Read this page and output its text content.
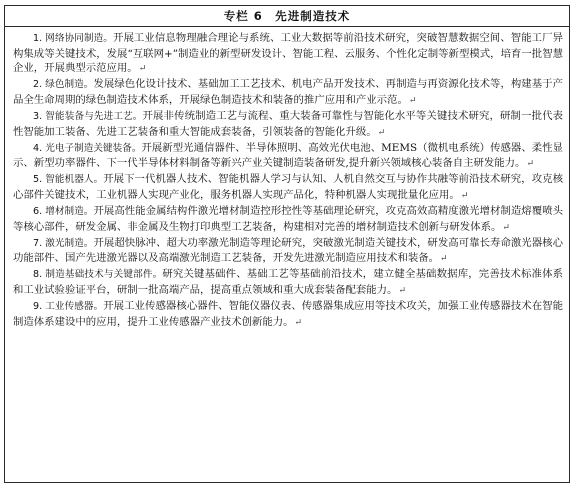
专栏 6　先进制造技术

1. 网络协同制造。开展工业信息物理融合理论与系统、工业大数据等前沿技术研究，突破智慧数据空间、智能工厂异构集成等关键技术，发展“互联网+”制造业的新型研发设计、智能工程、云服务、个性化定制等新型模式，培育一批智慧企业，开展典型示范应用。↵

2. 绿色制造。发展绿色化设计技术、基础加工工艺技术、机电产品开发技术、再制造与再资源化技术等，构建基于产品全生命周期的绿色制造技术体系，开展绿色制造技术和装备的推广应用和产业示范。↵

3. 智能装备与先进工艺。开展非传统制造工艺与流程、重大装备可靠性与智能化水平等关键技术研究，研制一批代表性智能加工装备、先进工艺装备和重大智能成套装备，引领装备的智能化升级。↵

4. 光电子制造关键装备。开展新型光通信器件、半导体照明、高效光伏电池、MEMS（微机电系统）传感器、柔性显示、新型功率器件、下一代半导体材料制备等新兴产业关键制造装备研发,提升新兴领域核心装备自主研发能力。↵

5. 智能机器人。开展下一代机器人技术、智能机器人学习与认知、人机自然交互与协作共融等前沿技术研究，攻克核心部件关键技术，工业机器人实现产业化，服务机器人实现产品化，特种机器人实现批量化应用。↵

6. 增材制造。开展高性能金属结构件激光增材制造控形控性等基础理论研究，攻克高效高精度激光增材制造熔覆喷头等核心部件，研发金属、非金属及生物打印典型工艺装备，构建相对完善的增材制造技术创新与研发体系。↵

7. 激光制造。开展超快脉冲、超大功率激光制造等理论研究，突破激光制造关键技术，研发高可靠长寿命激光器核心功能部件、国产先进激光器以及高端激光制造工艺装备，开发先进激光制造应用技术和装备。↵

8. 制造基础技术与关键部件。研究关键基础件、基础工艺等基础前沿技术，建立健全基础数据库，完善技术标准体系和工业试验验证平台，研制一批高端产品，提高重点领域和重大成套装备配套能力。↵

9. 工业传感器。开展工业传感器核心器件、智能仪器仪表、传感器集成应用等技术攻关，加强工业传感器技术在智能制造体系建设中的应用，提升工业传感器产业技术创新能力。↵
